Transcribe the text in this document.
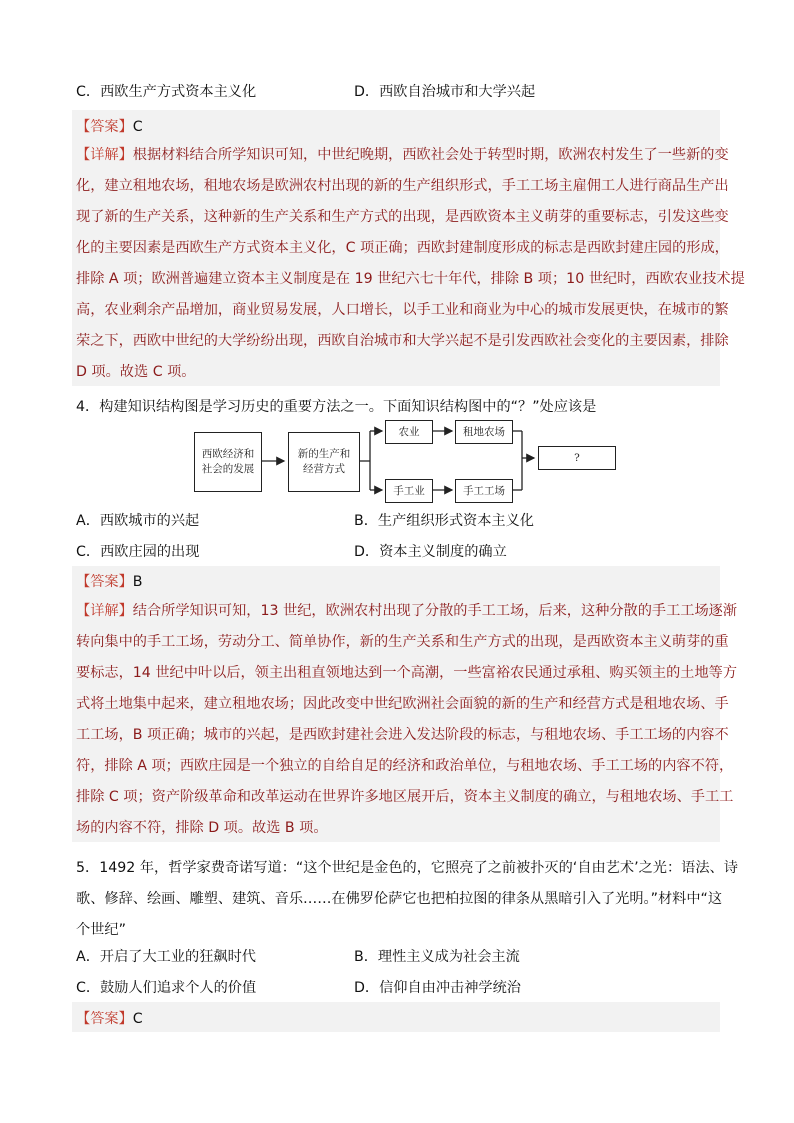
C．西欧生产方式资本主义化	D．西欧自治城市和大学兴起
【答案】C
【详解】根据材料结合所学知识可知，中世纪晚期，西欧社会处于转型时期，欧洲农村发生了一些新的变
化，建立租地农场，租地农场是欧洲农村出现的新的生产组织形式，手工工场主雇佣工人进行商品生产出
现了新的生产关系，这种新的生产关系和生产方式的出现，是西欧资本主义萌芽的重要标志，引发这些变
化的主要因素是西欧生产方式资本主义化，C 项正确；西欧封建制度形成的标志是西欧封建庄园的形成，
排除 A 项；欧洲普遍建立资本主义制度是在 19 世纪六七十年代，排除 B 项；10 世纪时，西欧农业技术提
高，农业剩余产品增加，商业贸易发展，人口增长，以手工业和商业为中心的城市发展更快，在城市的繁
荣之下，西欧中世纪的大学纷纷出现，西欧自治城市和大学兴起不是引发西欧社会变化的主要因素，排除
D 项。故选 C 项。
4．构建知识结构图是学习历史的重要方法之一。下面知识结构图中的“？”处应该是
西欧经济和社会的发展
新的生产和经营方式
农业	租地农场
手工业	手工工场
?
A．西欧城市的兴起	B．生产组织形式资本主义化
C．西欧庄园的出现	D．资本主义制度的确立
【答案】B
【详解】结合所学知识可知，13 世纪，欧洲农村出现了分散的手工工场，后来，这种分散的手工工场逐渐
转向集中的手工工场，劳动分工、简单协作，新的生产关系和生产方式的出现，是西欧资本主义萌芽的重
要标志，14 世纪中叶以后，领主出租直领地达到一个高潮，一些富裕农民通过承租、购买领主的土地等方
式将土地集中起来，建立租地农场；因此改变中世纪欧洲社会面貌的新的生产和经营方式是租地农场、手
工工场，B 项正确；城市的兴起，是西欧封建社会进入发达阶段的标志，与租地农场、手工工场的内容不
符，排除 A 项；西欧庄园是一个独立的自给自足的经济和政治单位，与租地农场、手工工场的内容不符，
排除 C 项；资产阶级革命和改革运动在世界许多地区展开后，资本主义制度的确立，与租地农场、手工工
场的内容不符，排除 D 项。故选 B 项。
5．1492 年，哲学家费奇诺写道：“这个世纪是金色的，它照亮了之前被扑灭的‘自由艺术’之光：语法、诗
歌、修辞、绘画、雕塑、建筑、音乐……在佛罗伦萨它也把柏拉图的律条从黑暗引入了光明。”材料中“这
个世纪”
A．开启了大工业的狂飙时代	B．理性主义成为社会主流
C．鼓励人们追求个人的价值	D．信仰自由冲击神学统治
【答案】C
